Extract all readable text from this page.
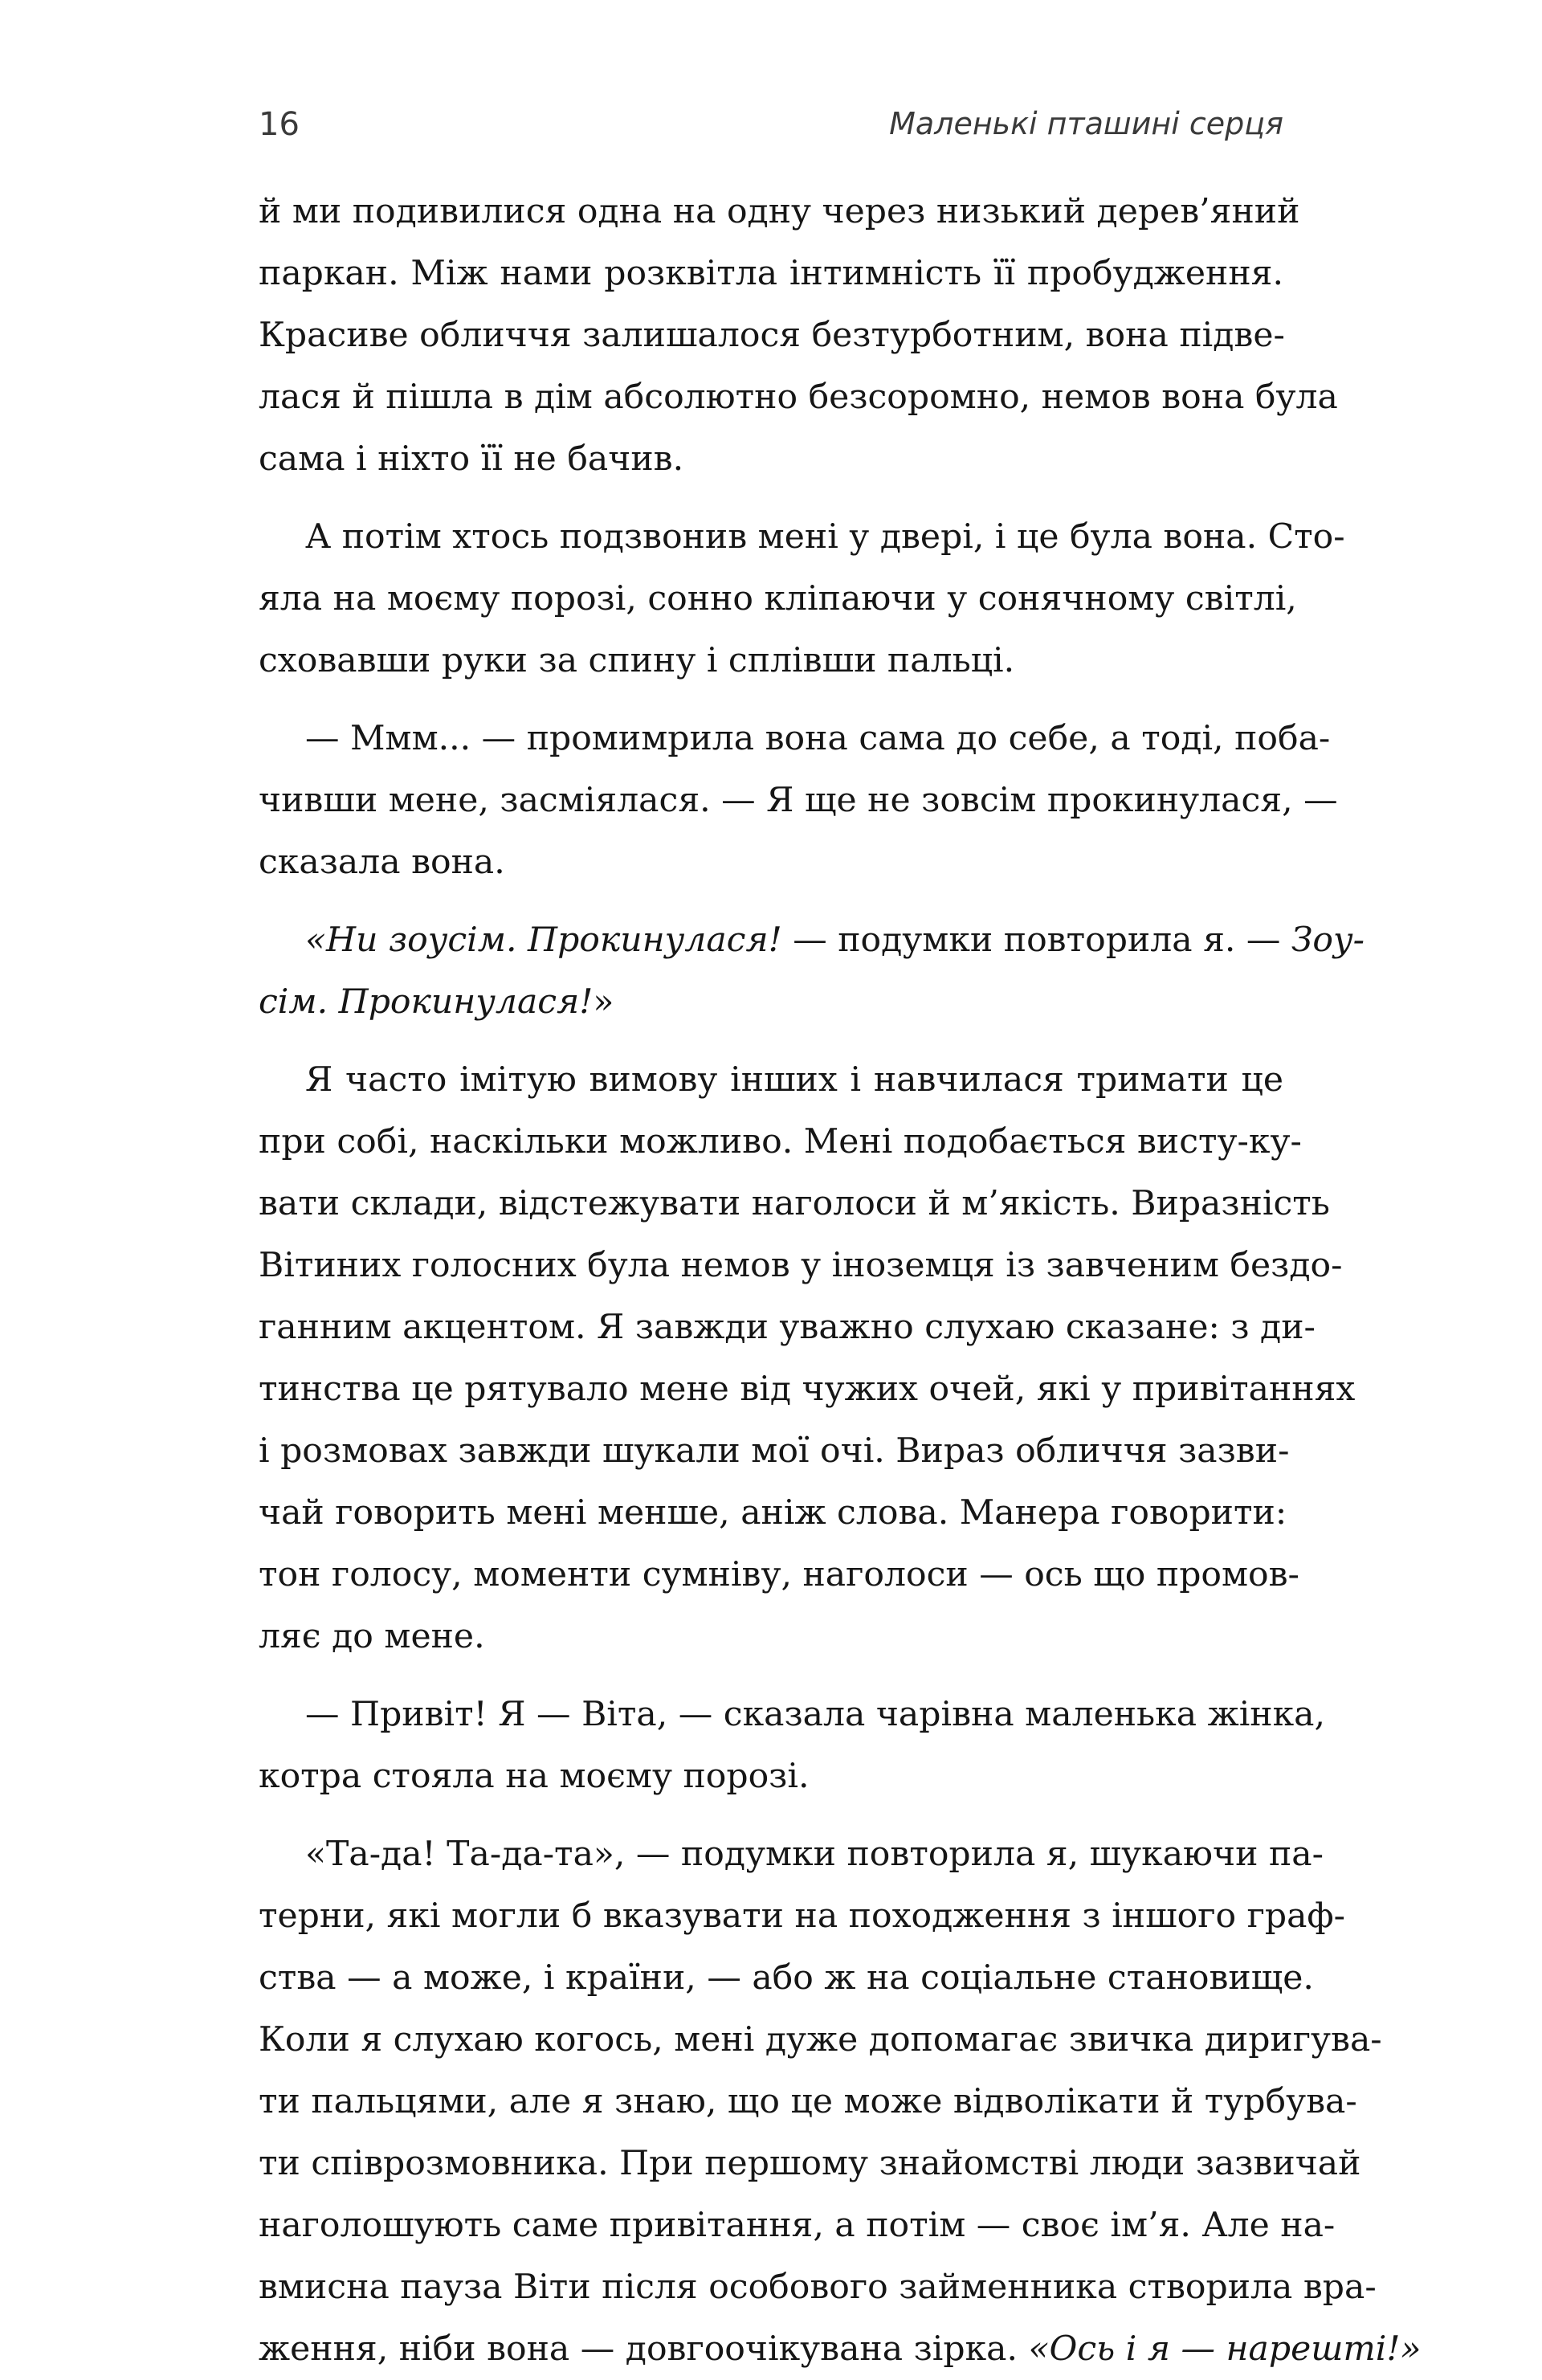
16	Маленькі пташині серця
й ми подивилися одна на одну через низький дерев’яний
паркан. Між нами розквітла інтимність її пробудження.
Красиве обличчя залишалося безтурботним, вона підве-
лася й пішла в дім абсолютно безсоромно, немов вона була
сама і ніхто її не бачив.
А потім хтось подзвонив мені у двері, і це була вона. Сто-
яла на моєму порозі, сонно кліпаючи у сонячному світлі,
сховавши руки за спину і сплівши пальці.
— Ммм... — промимрила вона сама до себе, а тоді, поба-
чивши мене, засміялася. — Я ще не зовсім прокинулася, —
сказала вона.
«Ни зоусім. Прокинулася! — подумки повторила я. — Зоу-
сім. Прокинулася!»
Я часто імітую вимову інших і навчилася тримати це
при собі, наскільки можливо. Мені подобається висту-ку-
вати склади, відстежувати наголоси й м’якість. Виразність
Вітиних голосних була немов у іноземця із завченим бездо-
ганним акцентом. Я завжди уважно слухаю сказане: з ди-
тинства це рятувало мене від чужих очей, які у привітаннях
і розмовах завжди шукали мої очі. Вираз обличчя зазви-
чай говорить мені менше, аніж слова. Манера говорити:
тон голосу, моменти сумніву, наголоси — ось що промов-
ляє до мене.
— Привіт! Я — Віта, — сказала чарівна маленька жінка,
котра стояла на моєму порозі.
«Та-да! Та-да-та», — подумки повторила я, шукаючи па-
терни, які могли б вказувати на походження з іншого граф-
ства — а може, і країни, — або ж на соціальне становище.
Коли я слухаю когось, мені дуже допомагає звичка диригува-
ти пальцями, але я знаю, що це може відволікати й турбува-
ти співрозмовника. При першому знайомстві люди зазвичай
наголошують саме привітання, а потім — своє ім’я. Але на-
вмисна пауза Віти після особового займенника створила вра-
ження, ніби вона — довгоочікувана зірка. «Ось і я — нарешті!»
